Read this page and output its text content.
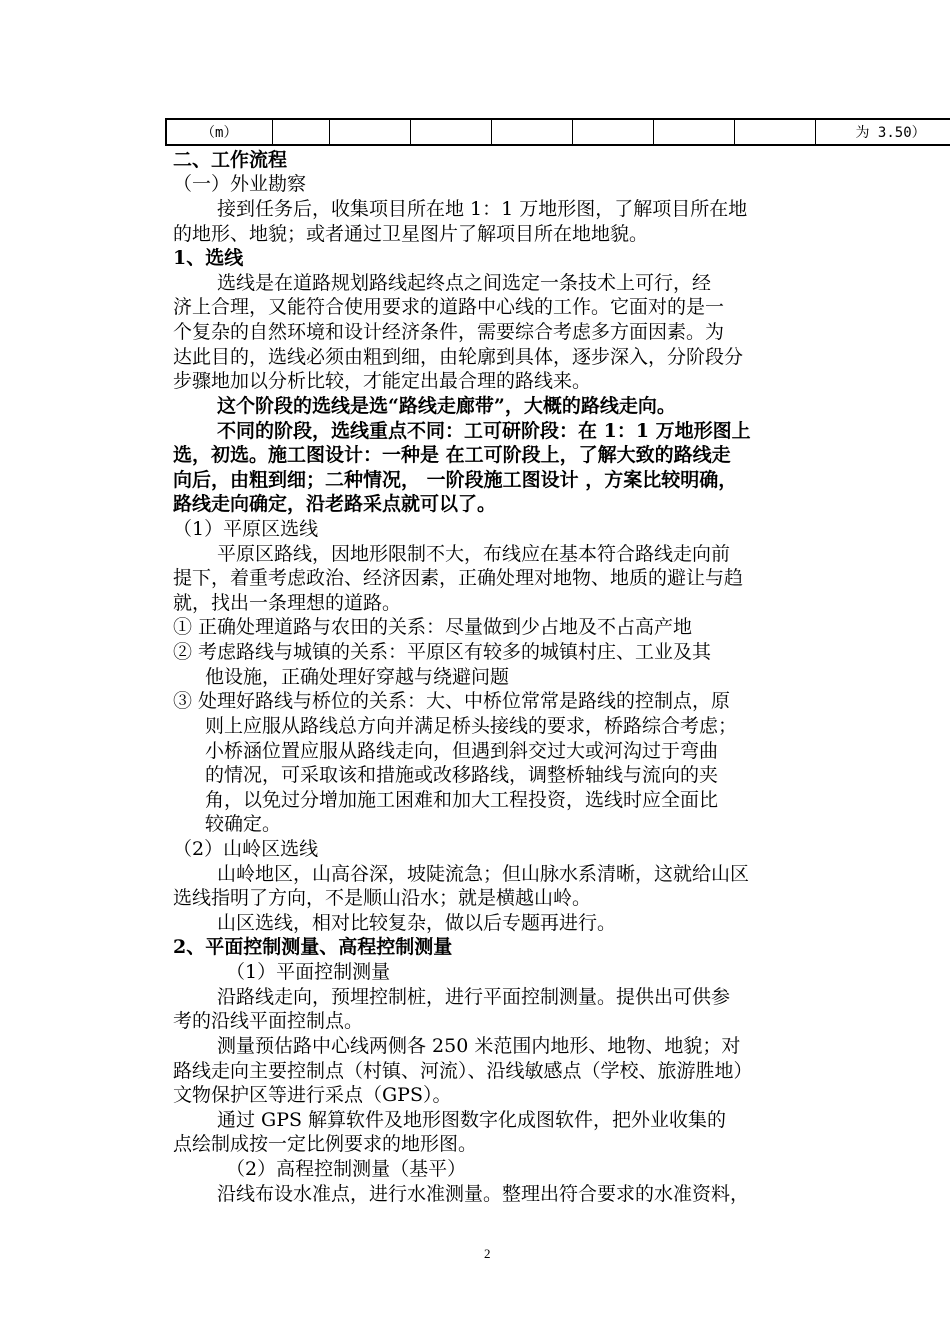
（m）								为 3.50）
二、工作流程
（一）外业勘察
接到任务后，收集项目所在地 1：1 万地形图，了解项目所在地
的地形、地貌；或者通过卫星图片了解项目所在地地貌。
1、选线
选线是在道路规划路线起终点之间选定一条技术上可行，经
济上合理，又能符合使用要求的道路中心线的工作。它面对的是一
个复杂的自然环境和设计经济条件，需要综合考虑多方面因素。为
达此目的，选线必须由粗到细，由轮廓到具体，逐步深入，分阶段分
步骤地加以分析比较，才能定出最合理的路线来。
这个阶段的选线是选“路线走廊带”，大概的路线走向。
不同的阶段，选线重点不同：工可研阶段：在 1：1 万地形图上
选，初选。施工图设计：一种是 在工可阶段上，了解大致的路线走
向后，由粗到细；二种情况， 一阶段施工图设计 ，方案比较明确，
路线走向确定，沿老路采点就可以了。
（1）平原区选线
平原区路线，因地形限制不大，布线应在基本符合路线走向前
提下，着重考虑政治、经济因素，正确处理对地物、地质的避让与趋
就，找出一条理想的道路。
① 正确处理道路与农田的关系：尽量做到少占地及不占高产地
② 考虑路线与城镇的关系：平原区有较多的城镇村庄、工业及其
他设施，正确处理好穿越与绕避问题
③ 处理好路线与桥位的关系：大、中桥位常常是路线的控制点，原
则上应服从路线总方向并满足桥头接线的要求，桥路综合考虑；
小桥涵位置应服从路线走向，但遇到斜交过大或河沟过于弯曲
的情况，可采取该和措施或改移路线，调整桥轴线与流向的夹
角，以免过分增加施工困难和加大工程投资，选线时应全面比
较确定。
（2）山岭区选线
山岭地区，山高谷深，坡陡流急；但山脉水系清晰，这就给山区
选线指明了方向，不是顺山沿水；就是横越山岭。
山区选线，相对比较复杂，做以后专题再进行。
2、平面控制测量、高程控制测量
（1）平面控制测量
沿路线走向，预埋控制桩，进行平面控制测量。提供出可供参
考的沿线平面控制点。
测量预估路中心线两侧各 250 米范围内地形、地物、地貌；对
路线走向主要控制点（村镇、河流）、沿线敏感点（学校、旅游胜地）
文物保护区等进行采点（GPS）。
通过 GPS 解算软件及地形图数字化成图软件，把外业收集的
点绘制成按一定比例要求的地形图。
（2）高程控制测量（基平）
沿线布设水准点，进行水准测量。整理出符合要求的水准资料，
2
